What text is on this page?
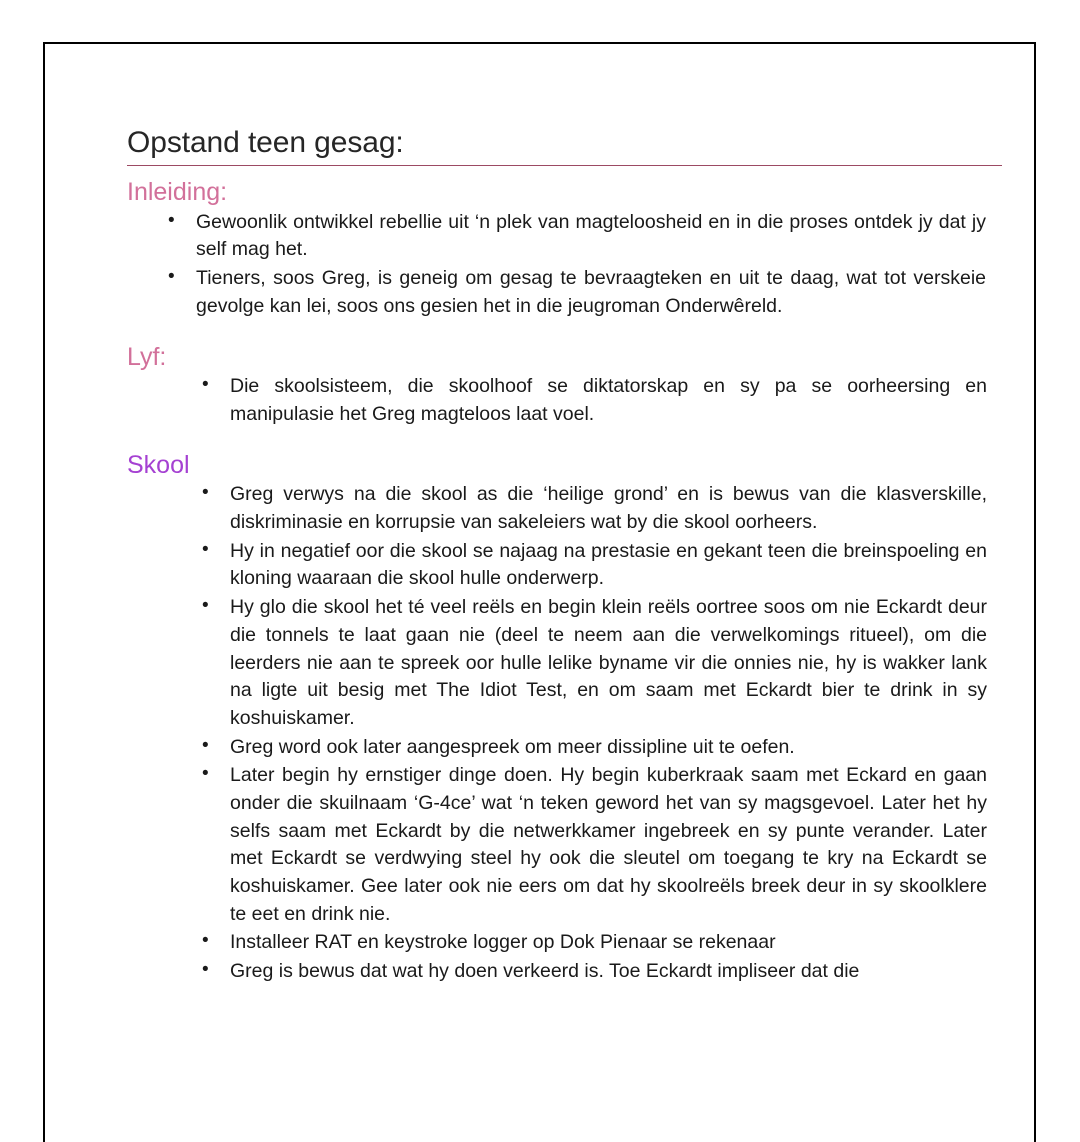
Opstand teen gesag:
Inleiding:
• Gewoonlik ontwikkel rebellie uit ‘n plek van magteloosheid en in die proses ontdek jy dat jy self mag het.
• Tieners, soos Greg, is geneig om gesag te bevraagteken en uit te daag, wat tot verskeie gevolge kan lei, soos ons gesien het in die jeugroman Onderwêreld.
Lyf:
• Die skoolsisteem, die skoolhoof se diktatorskap en sy pa se oorheersing en manipulasie het Greg magteloos laat voel.
Skool
• Greg verwys na die skool as die ‘heilige grond’ en is bewus van die klasverskille, diskriminasie en korrupsie van sakeleiers wat by die skool oorheers.
• Hy in negatief oor die skool se najaag na prestasie en gekant teen die breinspoeling en kloning waaraan die skool hulle onderwerp.
• Hy glo die skool het té veel reëls en begin klein reëls oortree soos om nie Eckardt deur die tonnels te laat gaan nie (deel te neem aan die verwelkomings ritueel), om die leerders nie aan te spreek oor hulle lelike byname vir die onnies nie, hy is wakker lank na ligte uit besig met The Idiot Test, en om saam met Eckardt bier te drink in sy koshuiskamer.
• Greg word ook later aangespreek om meer dissipline uit te oefen.
• Later begin hy ernstiger dinge doen. Hy begin kuberkraak saam met Eckard en gaan onder die skuilnaam ‘G-4ce’ wat ‘n teken geword het van sy magsgevoel. Later het hy selfs saam met Eckardt by die netwerkkamer ingebreek en sy punte verander. Later met Eckardt se verdwying steel hy ook die sleutel om toegang te kry na Eckardt se koshuiskamer. Gee later ook nie eers om dat hy skoolreëls breek deur in sy skoolklere te eet en drink nie.
• Installeer RAT en keystroke logger op Dok Pienaar se rekenaar
• Greg is bewus dat wat hy doen verkeerd is. Toe Eckardt impliseer dat die
